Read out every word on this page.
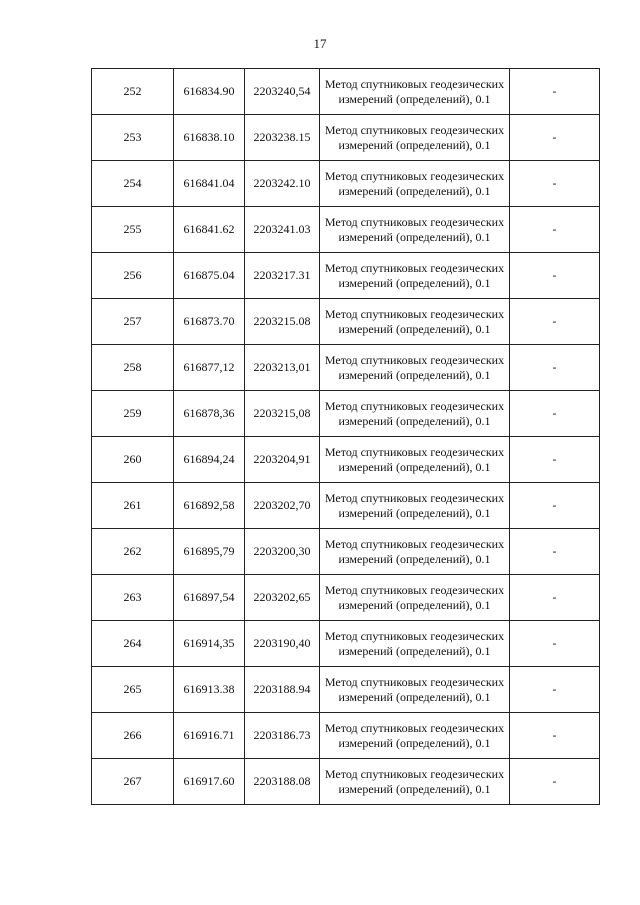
17
252	616834.90	2203240,54	Метод спутниковых геодезических измерений (определений), 0.1	-
253	616838.10	2203238.15	Метод спутниковых геодезических измерений (определений), 0.1	-
254	616841.04	2203242.10	Метод спутниковых геодезических измерений (определений), 0.1	-
255	616841.62	2203241.03	Метод спутниковых геодезических измерений (определений), 0.1	-
256	616875.04	2203217.31	Метод спутниковых геодезических измерений (определений), 0.1	-
257	616873.70	2203215.08	Метод спутниковых геодезических измерений (определений), 0.1	-
258	616877,12	2203213,01	Метод спутниковых геодезических измерений (определений), 0.1	-
259	616878,36	2203215,08	Метод спутниковых геодезических измерений (определений), 0.1	-
260	616894,24	2203204,91	Метод спутниковых геодезических измерений (определений), 0.1	-
261	616892,58	2203202,70	Метод спутниковых геодезических измерений (определений), 0.1	-
262	616895,79	2203200,30	Метод спутниковых геодезических измерений (определений), 0.1	-
263	616897,54	2203202,65	Метод спутниковых геодезических измерений (определений), 0.1	-
264	616914,35	2203190,40	Метод спутниковых геодезических измерений (определений), 0.1	-
265	616913.38	2203188.94	Метод спутниковых геодезических измерений (определений), 0.1	-
266	616916.71	2203186.73	Метод спутниковых геодезических измерений (определений), 0.1	-
267	616917.60	2203188.08	Метод спутниковых геодезических измерений (определений), 0.1	-
